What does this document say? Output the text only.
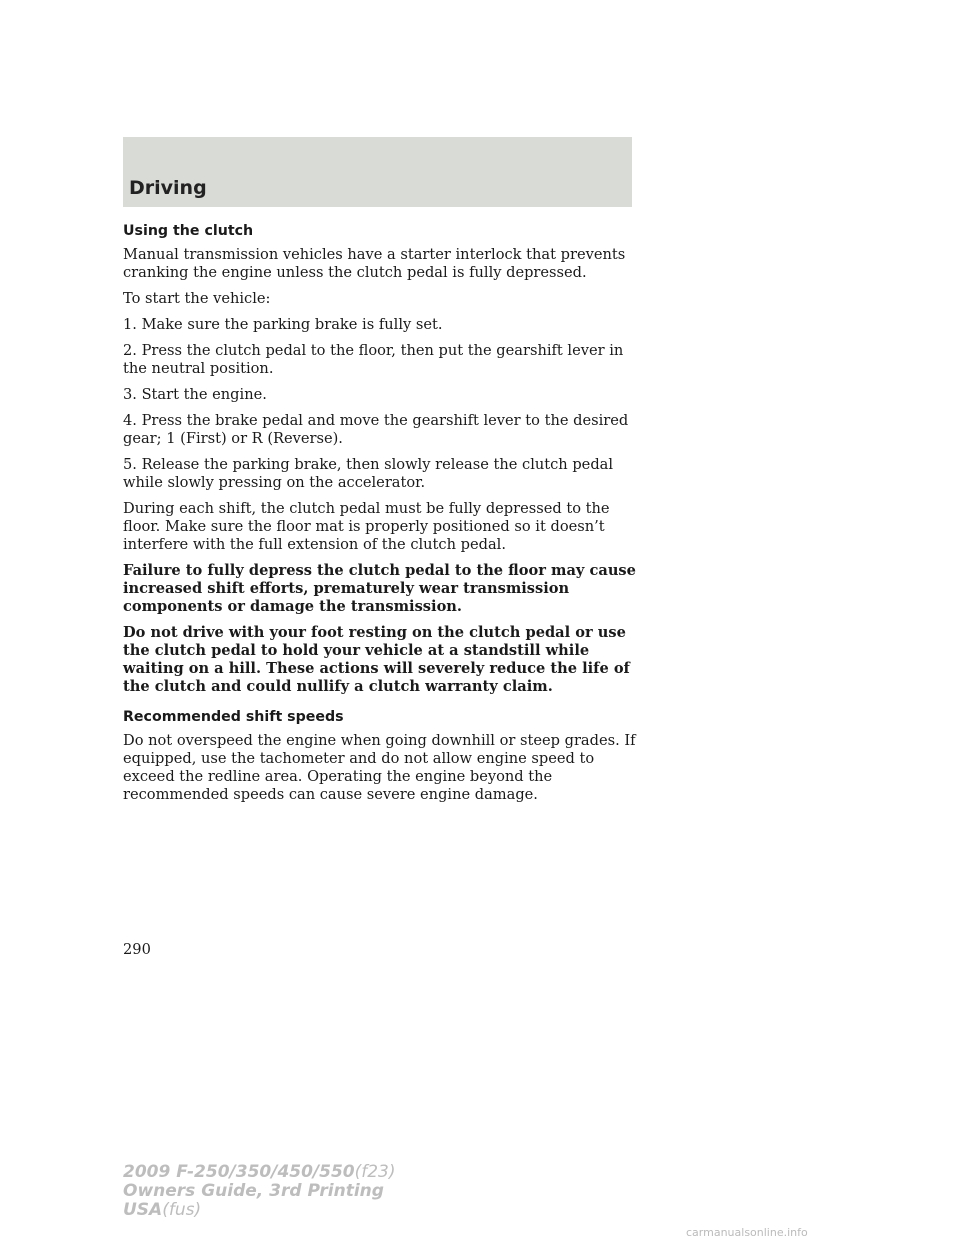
Driving
Using the clutch

Manual transmission vehicles have a starter interlock that prevents cranking the engine unless the clutch pedal is fully depressed.

To start the vehicle:

1. Make sure the parking brake is fully set.

2. Press the clutch pedal to the floor, then put the gearshift lever in the neutral position.

3. Start the engine.

4. Press the brake pedal and move the gearshift lever to the desired gear; 1 (First) or R (Reverse).

5. Release the parking brake, then slowly release the clutch pedal while slowly pressing on the accelerator.

During each shift, the clutch pedal must be fully depressed to the floor. Make sure the floor mat is properly positioned so it doesn’t interfere with the full extension of the clutch pedal.

Failure to fully depress the clutch pedal to the floor may cause increased shift efforts, prematurely wear transmission components or damage the transmission.

Do not drive with your foot resting on the clutch pedal or use the clutch pedal to hold your vehicle at a standstill while waiting on a hill. These actions will severely reduce the life of the clutch and could nullify a clutch warranty claim.

Recommended shift speeds

Do not overspeed the engine when going downhill or steep grades. If equipped, use the tachometer and do not allow engine speed to exceed the redline area. Operating the engine beyond the recommended speeds can cause severe engine damage.

290
2009 F-250/350/450/550(f23)
Owners Guide, 3rd Printing
USA(fus)
carmanualsonline.info
